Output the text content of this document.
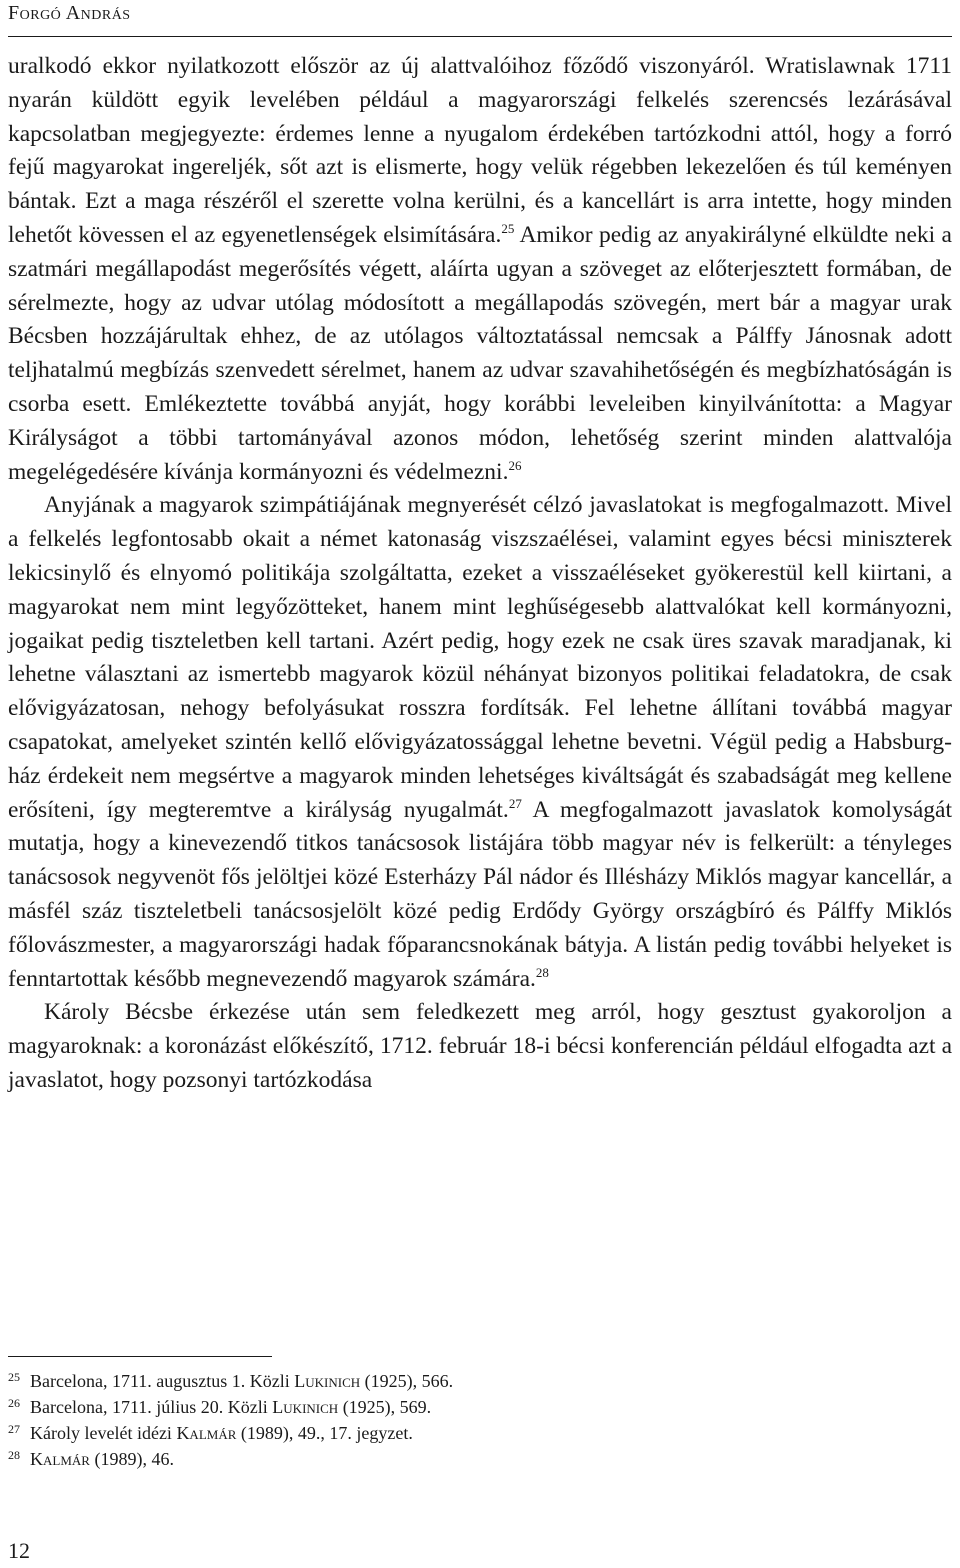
Forgó András

uralkodó ekkor nyilatkozott először az új alattvalóihoz főződő viszonyáról. Wratislawnak 1711 nyarán küldött egyik levelében például a magyarországi felkelés szerencsés lezárásával kapcsolatban megjegyezte: érdemes lenne a nyugalom érdekében tartózkodni attól, hogy a forró fejű magyarokat ingereljék, sőt azt is elismerte, hogy velük régebben lekezelően és túl keményen bántak. Ezt a maga részéről el szerette volna kerülni, és a kancellárt is arra intette, hogy minden lehetőt kövessen el az egyenetlenségek elsimítására.$^{25}$ Amikor pedig az anyakirályné elküldte neki a szatmári megállapodást megerősítés végett, aláírta ugyan a szöveget az előterjesztett formában, de sérelmezte, hogy az udvar utólag módosított a megállapodás szövegén, mert bár a magyar urak Bécsben hozzájárultak ehhez, de az utólagos változtatással nemcsak a Pálffy Jánosnak adott teljhatalmú megbízás szenvedett sérelmet, hanem az udvar szavahihetőségén és megbízhatóságán is csorba esett. Emlékeztette továbbá anyját, hogy korábbi leveleiben kinyilvánította: a Magyar Királyságot a többi tartományával azonos módon, lehetőség szerint minden alattvalója megelégedésére kívánja kormányozni és védelmezni.$^{26}$

Anyjának a magyarok szimpátiájának megnyerését célzó javaslatokat is megfogalmazott. Mivel a felkelés legfontosabb okait a német katonaság viszszaélései, valamint egyes bécsi miniszterek lekicsinylő és elnyomó politikája szolgáltatta, ezeket a visszaéléseket gyökerestül kell kiirtani, a magyarokat nem mint legyőzötteket, hanem mint leghűségesebb alattvalókat kell kormányozni, jogaikat pedig tiszteletben kell tartani. Azért pedig, hogy ezek ne csak üres szavak maradjanak, ki lehetne választani az ismertebb magyarok közül néhányat bizonyos politikai feladatokra, de csak elővigyázatosan, nehogy befolyásukat rosszra fordítsák. Fel lehetne állítani továbbá magyar csapatokat, amelyeket szintén kellő elővigyázatossággal lehetne bevetni. Végül pedig a Habsburg-ház érdekeit nem megsértve a magyarok minden lehetséges kiváltságát és szabadságát meg kellene erősíteni, így megteremtve a királyság nyugalmát.$^{27}$ A megfogalmazott javaslatok komolyságát mutatja, hogy a kinevezendő titkos tanácsosok listájára több magyar név is felkerült: a tényleges tanácsosok negyvenöt fős jelöltjei közé Esterházy Pál nádor és Illésházy Miklós magyar kancellár, a másfél száz tiszteletbeli tanácsosjelölt közé pedig Erdődy György országbíró és Pálffy Miklós főlovászmester, a magyarországi hadak főparancsnokának bátyja. A listán pedig további helyeket is fenntartottak később megnevezendő magyarok számára.$^{28}$

Károly Bécsbe érkezése után sem feledkezett meg arról, hogy gesztust gyakoroljon a magyaroknak: a koronázást előkészítő, 1712. február 18-i bécsi konferencián például elfogadta azt a javaslatot, hogy pozsonyi tartózkodása

25 Barcelona, 1711. augusztus 1. Közli Lukinich (1925), 566.

26 Barcelona, 1711. július 20. Közli Lukinich (1925), 569.

27 Károly levelét idézi Kalmár (1989), 49., 17. jegyzet.

28 Kalmár (1989), 46.

12
